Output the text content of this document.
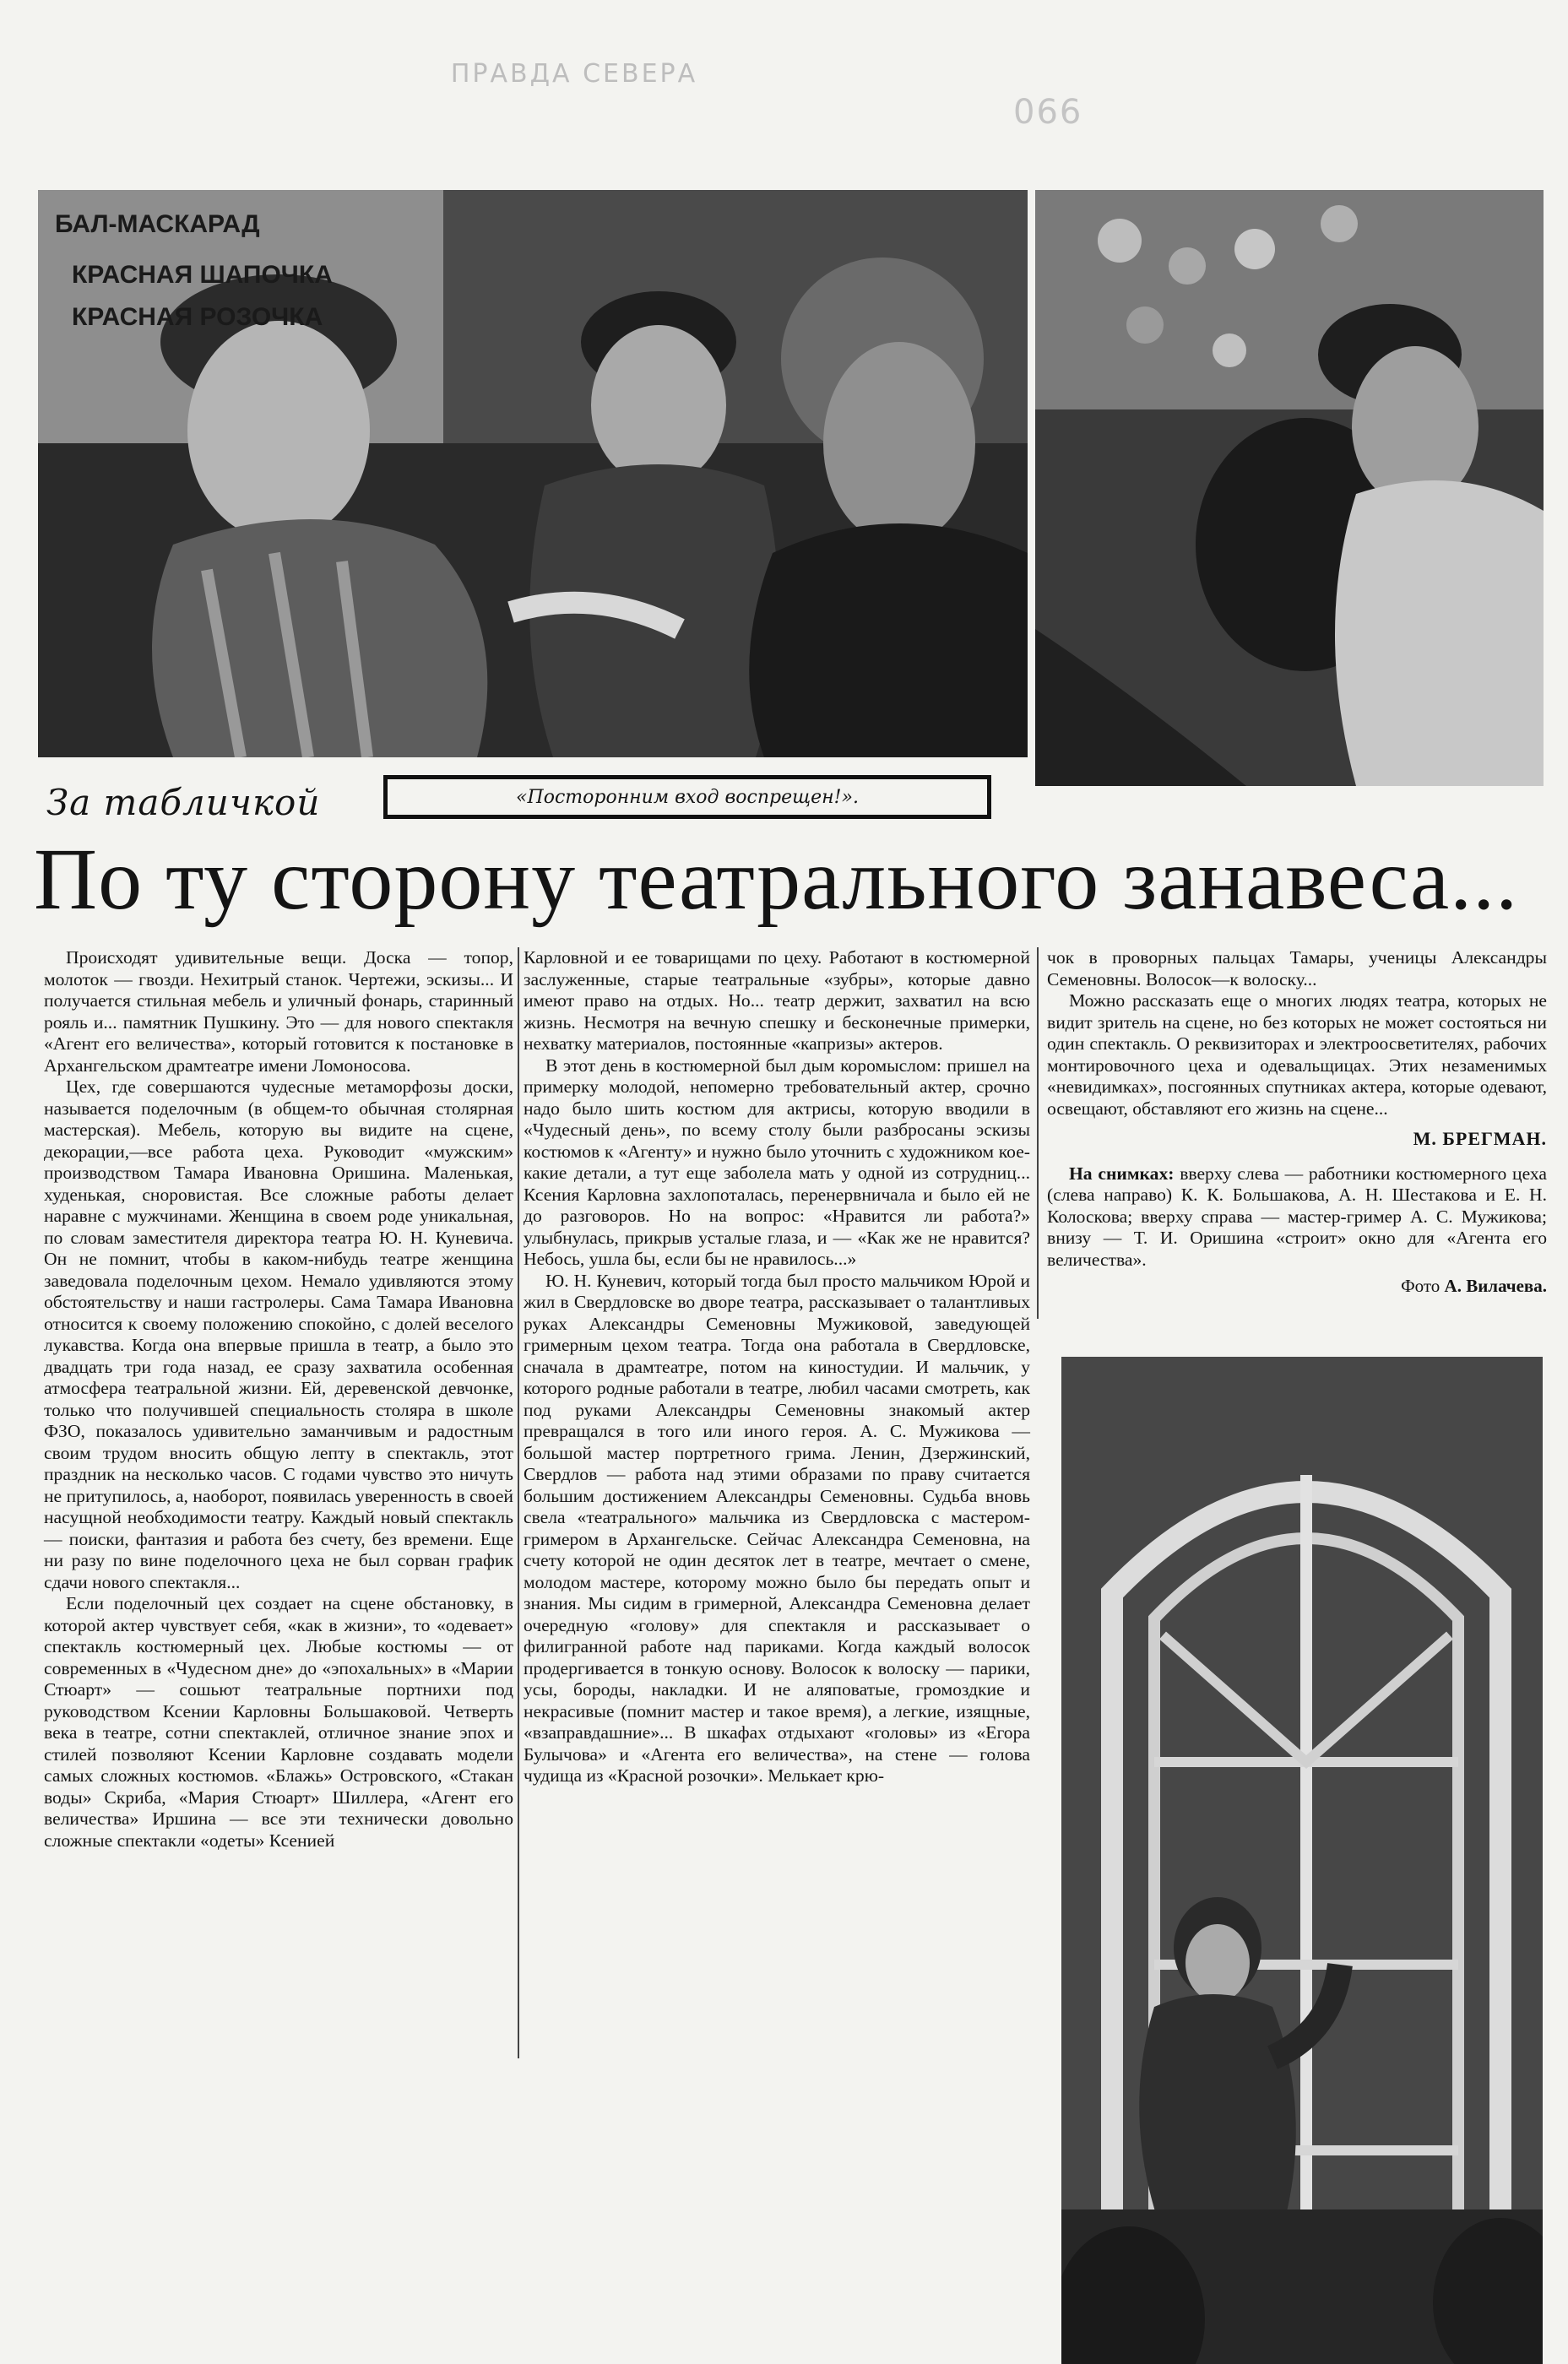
ПРАВДА СЕВЕРА
066
БАЛ-МАСКАРАД
КРАСНАЯ ШАПОЧКА
КРАСНАЯ РОЗОЧКА
За табличкой	«Посторонним вход воспрещен!».
По ту сторону театрального занавеса...

Происходят удивительные вещи. Доска — топор, молоток — гвозди. Нехитрый станок. Чертежи, эскизы... И получается стильная мебель и уличный фонарь, старинный рояль и... памятник Пушкину. Это — для нового спектакля «Агент его величества», который готовится к постановке в Архангельском драмтеатре имени Ломоносова.

Цех, где совершаются чудесные метаморфозы доски, называется поделочным (в общем-то обычная столярная мастерская). Мебель, которую вы видите на сцене, декорации,—все работа цеха. Руководит «мужским» производством Тамара Ивановна Оришина. Маленькая, худенькая, сноровистая. Все сложные работы делает наравне с мужчинами. Женщина в своем роде уникальная, по словам заместителя директора театра Ю. Н. Куневича. Он не помнит, чтобы в каком-нибудь театре женщина заведовала поделочным цехом. Немало удивляются этому обстоятельству и наши гастролеры. Сама Тамара Ивановна относится к своему положению спокойно, с долей веселого лукавства. Когда она впервые пришла в театр, а было это двадцать три года назад, ее сразу захватила особенная атмосфера театральной жизни. Ей, деревенской девчонке, только что получившей специальность столяра в школе ФЗО, показалось удивительно заманчивым и радостным своим трудом вносить общую лепту в спектакль, этот праздник на несколько часов. С годами чувство это ничуть не притупилось, а, наоборот, появилась уверенность в своей насущной необходимости театру. Каждый новый спектакль — поиски, фантазия и работа без счету, без времени. Еще ни разу по вине поделочного цеха не был сорван график сдачи нового спектакля...

Если поделочный цех создает на сцене обстановку, в которой актер чувствует себя, «как в жизни», то «одевает» спектакль костюмерный цех. Любые костюмы — от современных в «Чудесном дне» до «эпохальных» в «Марии Стюарт» — сошьют театральные портнихи под руководством Ксении Карловны Большаковой. Четверть века в театре, сотни спектаклей, отличное знание эпох и стилей позволяют Ксении Карловне создавать модели самых сложных костюмов. «Блажь» Островского, «Стакан воды» Скриба, «Мария Стюарт» Шиллера, «Агент его величества» Иршина — все эти технически довольно сложные спектакли «одеты» Ксенией

Карловной и ее товарищами по цеху. Работают в костюмерной заслуженные, старые театральные «зубры», которые давно имеют право на отдых. Но... театр держит, захватил на всю жизнь. Несмотря на вечную спешку и бесконечные примерки, нехватку материалов, постоянные «капризы» актеров.

В этот день в костюмерной был дым коромыслом: пришел на примерку молодой, непомерно требовательный актер, срочно надо было шить костюм для актрисы, которую вводили в «Чудесный день», по всему столу были разбросаны эскизы костюмов к «Агенту» и нужно было уточнить с художником кое-какие детали, а тут еще заболела мать у одной из сотрудниц... Ксения Карловна захлопоталась, перенервничала и было ей не до разговоров. Но на вопрос: «Нравится ли работа?» улыбнулась, прикрыв усталые глаза, и — «Как же не нравится? Небось, ушла бы, если бы не нравилось...»

Ю. Н. Куневич, который тогда был просто мальчиком Юрой и жил в Свердловске во дворе театра, рассказывает о талантливых руках Александры Семеновны Мужиковой, заведующей гримерным цехом театра. Тогда она работала в Свердловске, сначала в драмтеатре, потом на киностудии. И мальчик, у которого родные работали в театре, любил часами смотреть, как под руками Александры Семеновны знакомый актер превращался в того или иного героя. А. С. Мужикова — большой мастер портретного грима. Ленин, Дзержинский, Свердлов — работа над этими образами по праву считается большим достижением Александры Семеновны. Судьба вновь свела «театрального» мальчика из Свердловска с мастером-гримером в Архангельске. Сейчас Александра Семеновна, на счету которой не один десяток лет в театре, мечтает о смене, молодом мастере, которому можно было бы передать опыт и знания. Мы сидим в гримерной, Александра Семеновна делает очередную «голову» для спектакля и рассказывает о филигранной работе над париками. Когда каждый волосок продергивается в тонкую основу. Волосок к волоску — парики, усы, бороды, накладки. И не аляповатые, громоздкие и некрасивые (помнит мастер и такое время), а легкие, изящные, «взаправдашние»... В шкафах отдыхают «головы» из «Егора Булычова» и «Агента его величества», на стене — голова чудища из «Красной розочки». Мелькает крю-

чок в проворных пальцах Тамары, ученицы Александры Семеновны. Волосок—к волоску...

Можно рассказать еще о многих людях театра, которых не видит зритель на сцене, но без которых не может состояться ни один спектакль. О реквизиторах и электроосветителях, рабочих монтировочного цеха и одевальщицах. Этих незаменимых «невидимках», посгоянных спутниках актера, которые одевают, освещают, обставляют его жизнь на сцене...

М. БРЕГМАН.

На снимках: вверху слева — работники костюмерного цеха (слева направо) К. К. Большакова, А. Н. Шестакова и Е. Н. Колоскова; вверху справа — мастер-гример А. С. Мужикова; внизу — Т. И. Оришина «строит» окно для «Агента его величества».

Фото А. Вилачева.
